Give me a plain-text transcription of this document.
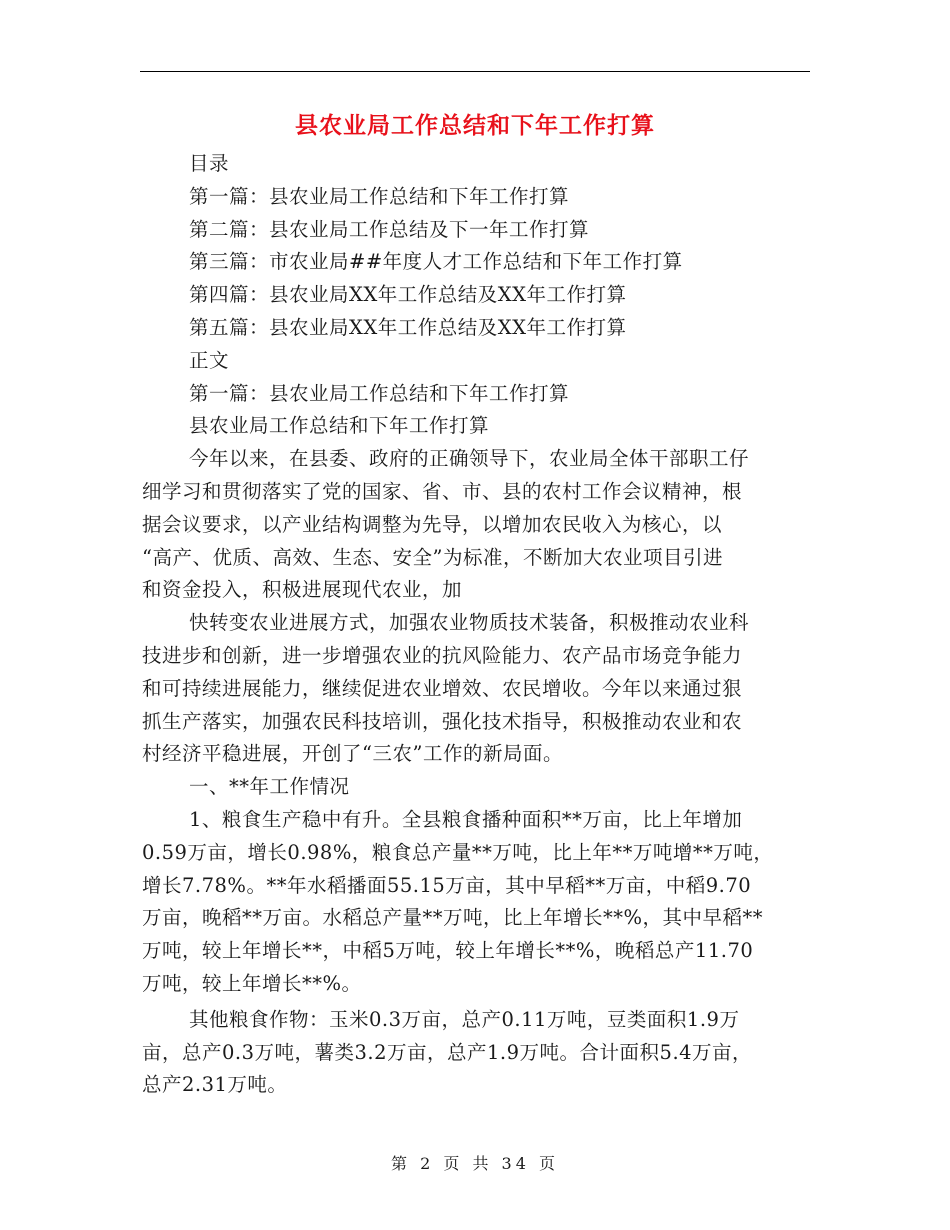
县农业局工作总结和下年工作打算
目录
第一篇：县农业局工作总结和下年工作打算
第二篇：县农业局工作总结及下一年工作打算
第三篇：市农业局##年度人才工作总结和下年工作打算
第四篇：县农业局XX年工作总结及XX年工作打算
第五篇：县农业局XX年工作总结及XX年工作打算
正文
第一篇：县农业局工作总结和下年工作打算
县农业局工作总结和下年工作打算
今年以来，在县委、政府的正确领导下，农业局全体干部职工仔
细学习和贯彻落实了党的国家、省、市、县的农村工作会议精神，根
据会议要求，以产业结构调整为先导，以增加农民收入为核心，以
“高产、优质、高效、生态、安全”为标准，不断加大农业项目引进
和资金投入，积极进展现代农业，加
快转变农业进展方式，加强农业物质技术装备，积极推动农业科
技进步和创新，进一步增强农业的抗风险能力、农产品市场竞争能力
和可持续进展能力，继续促进农业增效、农民增收。今年以来通过狠
抓生产落实，加强农民科技培训，强化技术指导，积极推动农业和农
村经济平稳进展，开创了“三农”工作的新局面。
一、**年工作情况
1、粮食生产稳中有升。全县粮食播种面积**万亩，比上年增加
0.59万亩，增长0.98%，粮食总产量**万吨，比上年**万吨增**万吨，
增长7.78%。**年水稻播面55.15万亩，其中早稻**万亩，中稻9.70
万亩，晚稻**万亩。水稻总产量**万吨，比上年增长**%，其中早稻**
万吨，较上年增长**，中稻5万吨，较上年增长**%，晚稻总产11.70
万吨，较上年增长**%。
其他粮食作物：玉米0.3万亩，总产0.11万吨，豆类面积1.9万
亩，总产0.3万吨，薯类3.2万亩，总产1.9万吨。合计面积5.4万亩，
总产2.31万吨。
第 2 页 共 34 页
